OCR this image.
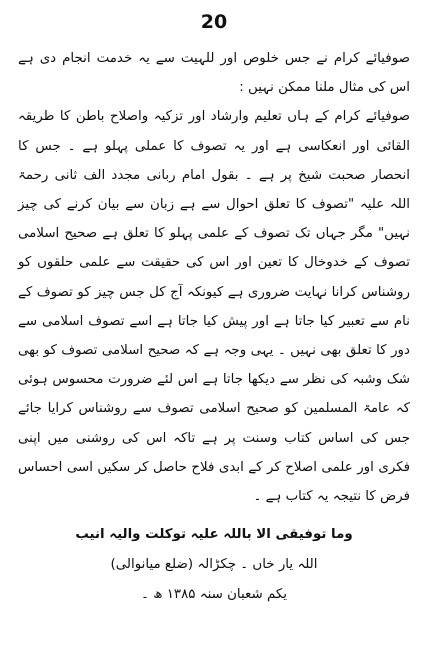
20

صوفیائے کرام نے جس خلوص اور للہیت سے یہ خدمت انجام دی ہے اس کی مثال ملنا ممکن نہیں :

صوفیائے کرام کے ہاں تعلیم وارشاد اور تزکیہ واصلاح باطن کا طریقہ القائی اور انعکاسی ہے اور یہ تصوف کا عملی پہلو ہے ۔ جس کا انحصار صحبت شیخ پر ہے ۔ بقول امام ربانی مجدد الف ثانی رحمۃ اللہ علیہ "تصوف کا تعلق احوال سے ہے زبان سے بیان کرنے کی چیز نہیں" مگر جہاں تک تصوف کے علمی پہلو کا تعلق ہے صحیح اسلامی تصوف کے خدوخال کا تعین اور اس کی حقیقت سے علمی حلقوں کو روشناس کرانا نہایت ضروری ہے کیونکہ آج کل جس چیز کو تصوف کے نام سے تعبیر کیا جاتا ہے اور پیش کیا جاتا ہے اسے تصوف اسلامی سے دور کا تعلق بھی نہیں ۔ یہی وجہ ہے کہ صحیح اسلامی تصوف کو بھی شک وشبہ کی نظر سے دیکھا جاتا ہے اس لئے ضرورت محسوس ہوئی کہ عامۃ المسلمین کو صحیح اسلامی تصوف سے روشناس کرایا جائے جس کی اساس کتاب وسنت پر ہے تاکہ اس کی روشنی میں اپنی فکری اور علمی اصلاح کر کے ابدی فلاح حاصل کر سکیں اسی احساس فرض کا نتیجہ یہ کتاب ہے ۔

وما توفیقی الا باللہ علیہ توکلت والیہ انیب
اللہ یار خاں ۔ چکڑالہ (ضلع میانوالی)
یکم شعبان سنہ ۱۳۸۵ ھ ۔
